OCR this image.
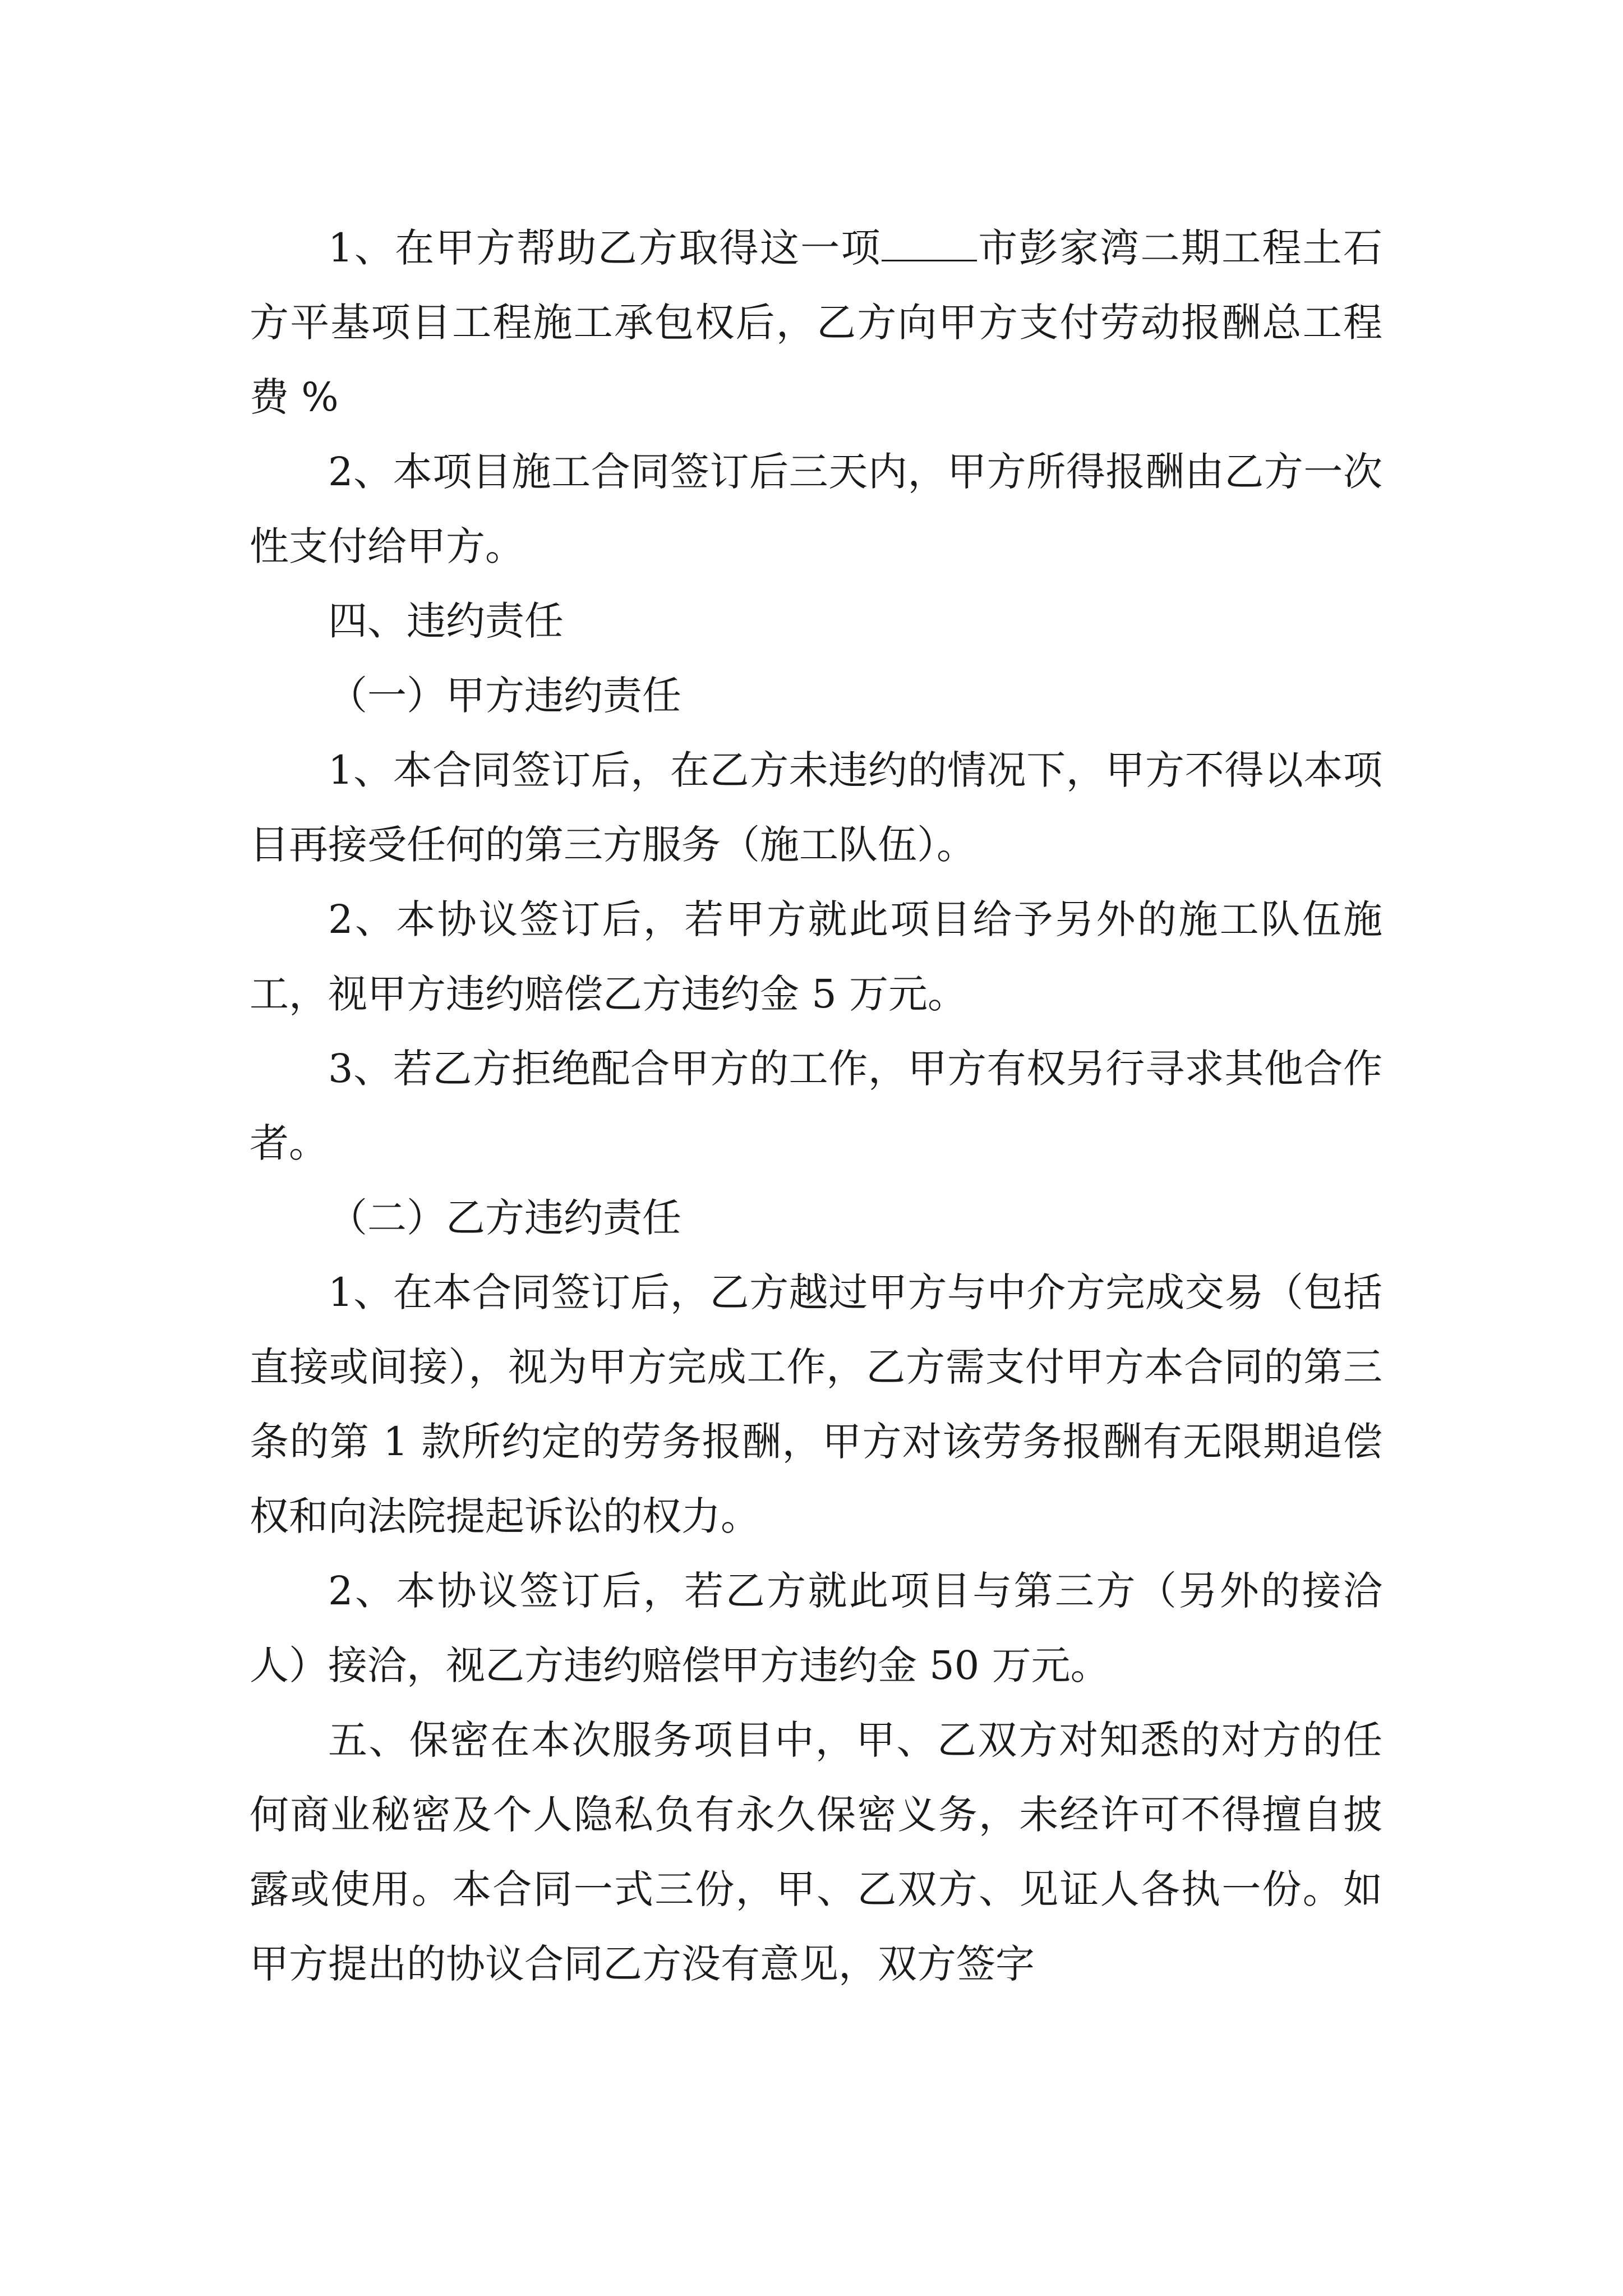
1、在甲方帮助乙方取得这一项 市彭家湾二期工程土石方平基项目工程施工承包权后，乙方向甲方支付劳动报酬总工程费 %

2、本项目施工合同签订后三天内，甲方所得报酬由乙方一次性支付给甲方。

四、违约责任

（一）甲方违约责任

1、本合同签订后，在乙方未违约的情况下，甲方不得以本项目再接受任何的第三方服务（施工队伍）。

2、本协议签订后，若甲方就此项目给予另外的施工队伍施工，视甲方违约赔偿乙方违约金 5 万元。

3、若乙方拒绝配合甲方的工作，甲方有权另行寻求其他合作者。

（二）乙方违约责任

1、在本合同签订后，乙方越过甲方与中介方完成交易（包括直接或间接），视为甲方完成工作，乙方需支付甲方本合同的第三条的第 1 款所约定的劳务报酬，甲方对该劳务报酬有无限期追偿权和向法院提起诉讼的权力。

2、本协议签订后，若乙方就此项目与第三方（另外的接洽人）接洽，视乙方违约赔偿甲方违约金 50 万元。

五、保密在本次服务项目中，甲、乙双方对知悉的对方的任何商业秘密及个人隐私负有永久保密义务，未经许可不得擅自披露或使用。本合同一式三份，甲、乙双方、见证人各执一份。如甲方提出的协议合同乙方没有意见，双方签字
